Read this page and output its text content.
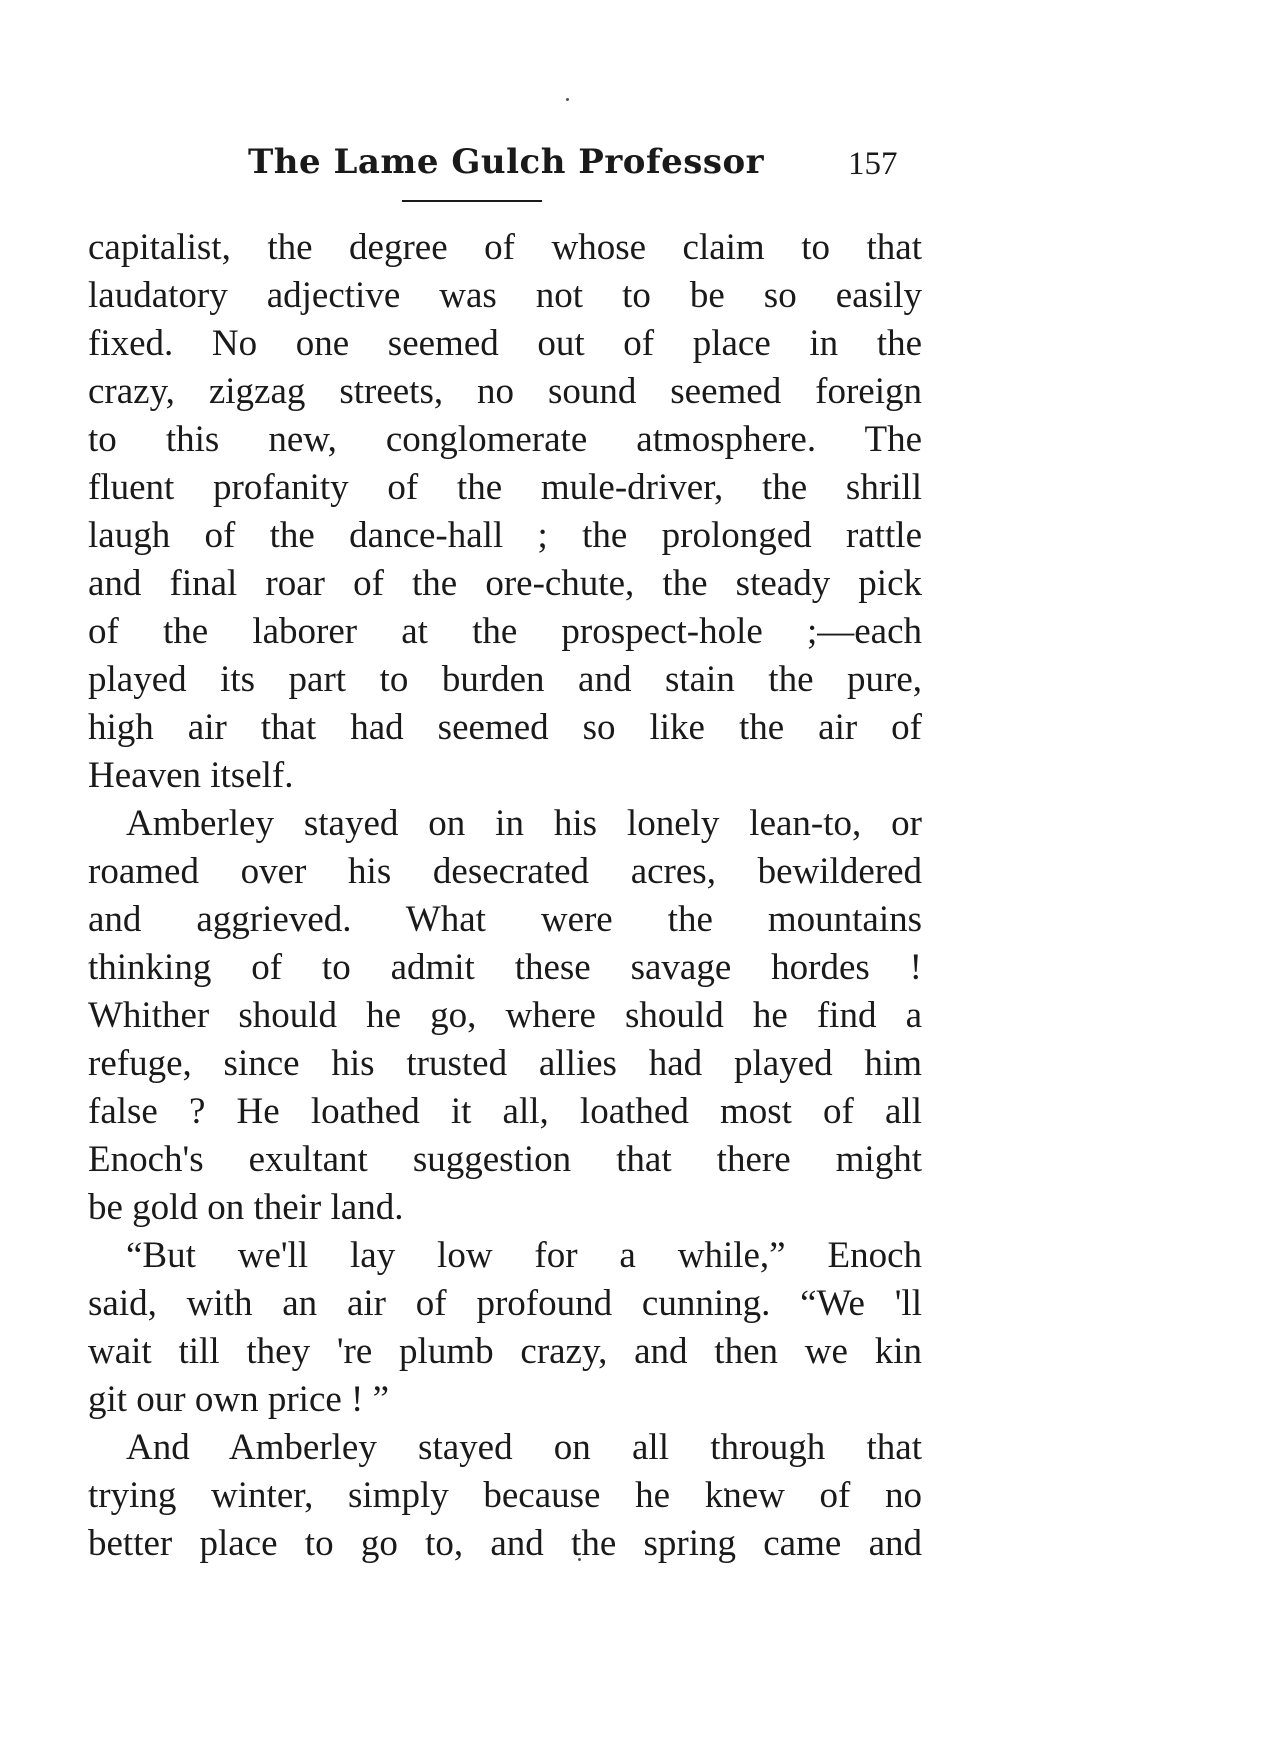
The Lame Gulch Professor	157
capitalist, the degree of whose claim to that
laudatory adjective was not to be so easily
fixed. No one seemed out of place in the
crazy, zigzag streets, no sound seemed foreign
to this new, conglomerate atmosphere. The
fluent profanity of the mule-driver, the shrill
laugh of the dance-hall ; the prolonged rattle
and final roar of the ore-chute, the steady pick
of the laborer at the prospect-hole ;—each
played its part to burden and stain the pure,
high air that had seemed so like the air of
Heaven itself.
Amberley stayed on in his lonely lean-to, or
roamed over his desecrated acres, bewildered
and aggrieved. What were the mountains
thinking of to admit these savage hordes !
Whither should he go, where should he find a
refuge, since his trusted allies had played him
false ? He loathed it all, loathed most of all
Enoch's exultant suggestion that there might
be gold on their land.
“But we'll lay low for a while,” Enoch
said, with an air of profound cunning. “We 'll
wait till they 're plumb crazy, and then we kin
git our own price ! ”
And Amberley stayed on all through that
trying winter, simply because he knew of no
better place to go to, and the spring came and
